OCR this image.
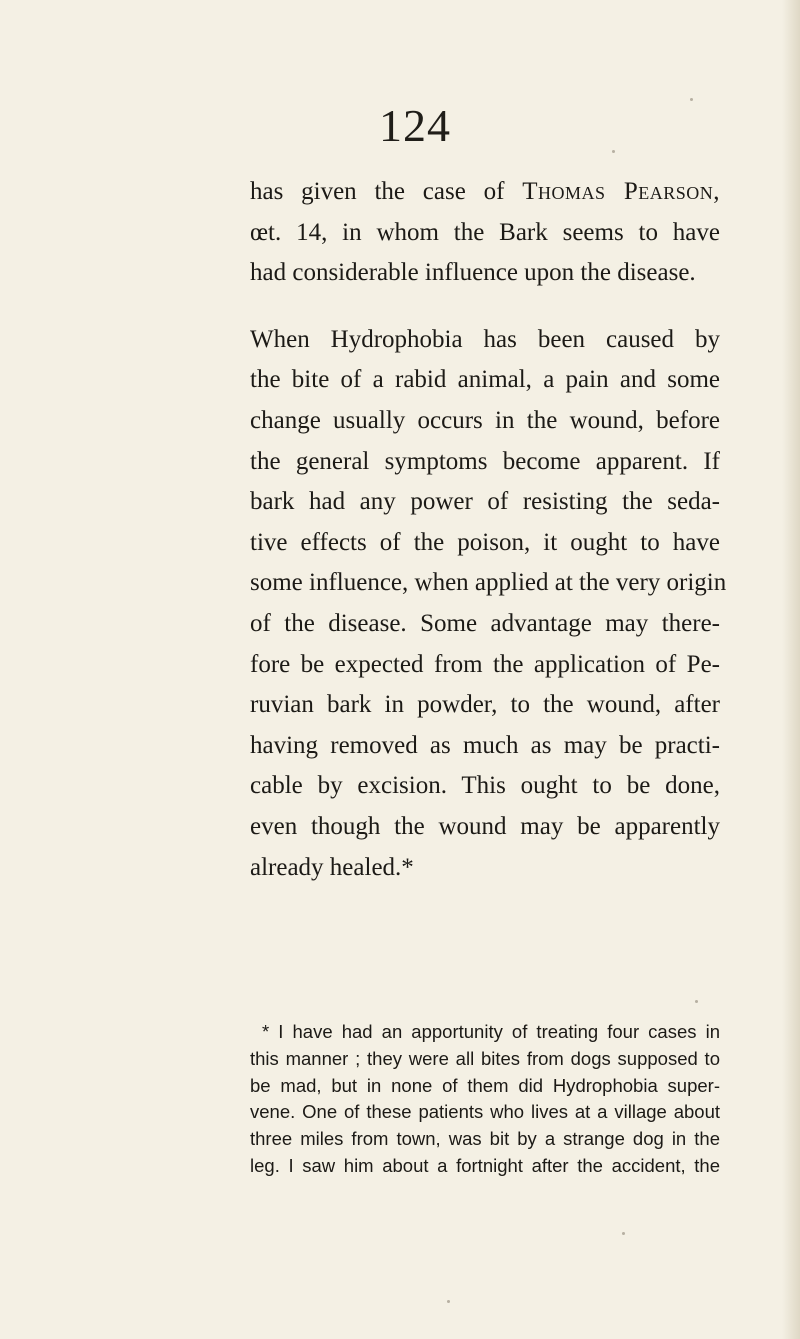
124
has given the case of Thomas Pearson,
œt. 14, in whom the Bark seems to have
had considerable influence upon the disease.
When Hydrophobia has been caused by
the bite of a rabid animal, a pain and some
change usually occurs in the wound, before
the general symptoms become apparent. If
bark had any power of resisting the seda-
tive effects of the poison, it ought to have
some influence, when applied at the very origin
of the disease. Some advantage may there-
fore be expected from the application of Pe-
ruvian bark in powder, to the wound, after
having removed as much as may be practi-
cable by excision. This ought to be done,
even though the wound may be apparently
already healed.*
* I have had an apportunity of treating four cases in
this manner ; they were all bites from dogs supposed to
be mad, but in none of them did Hydrophobia super-
vene. One of these patients who lives at a village about
three miles from town, was bit by a strange dog in the
leg. I saw him about a fortnight after the accident, the
